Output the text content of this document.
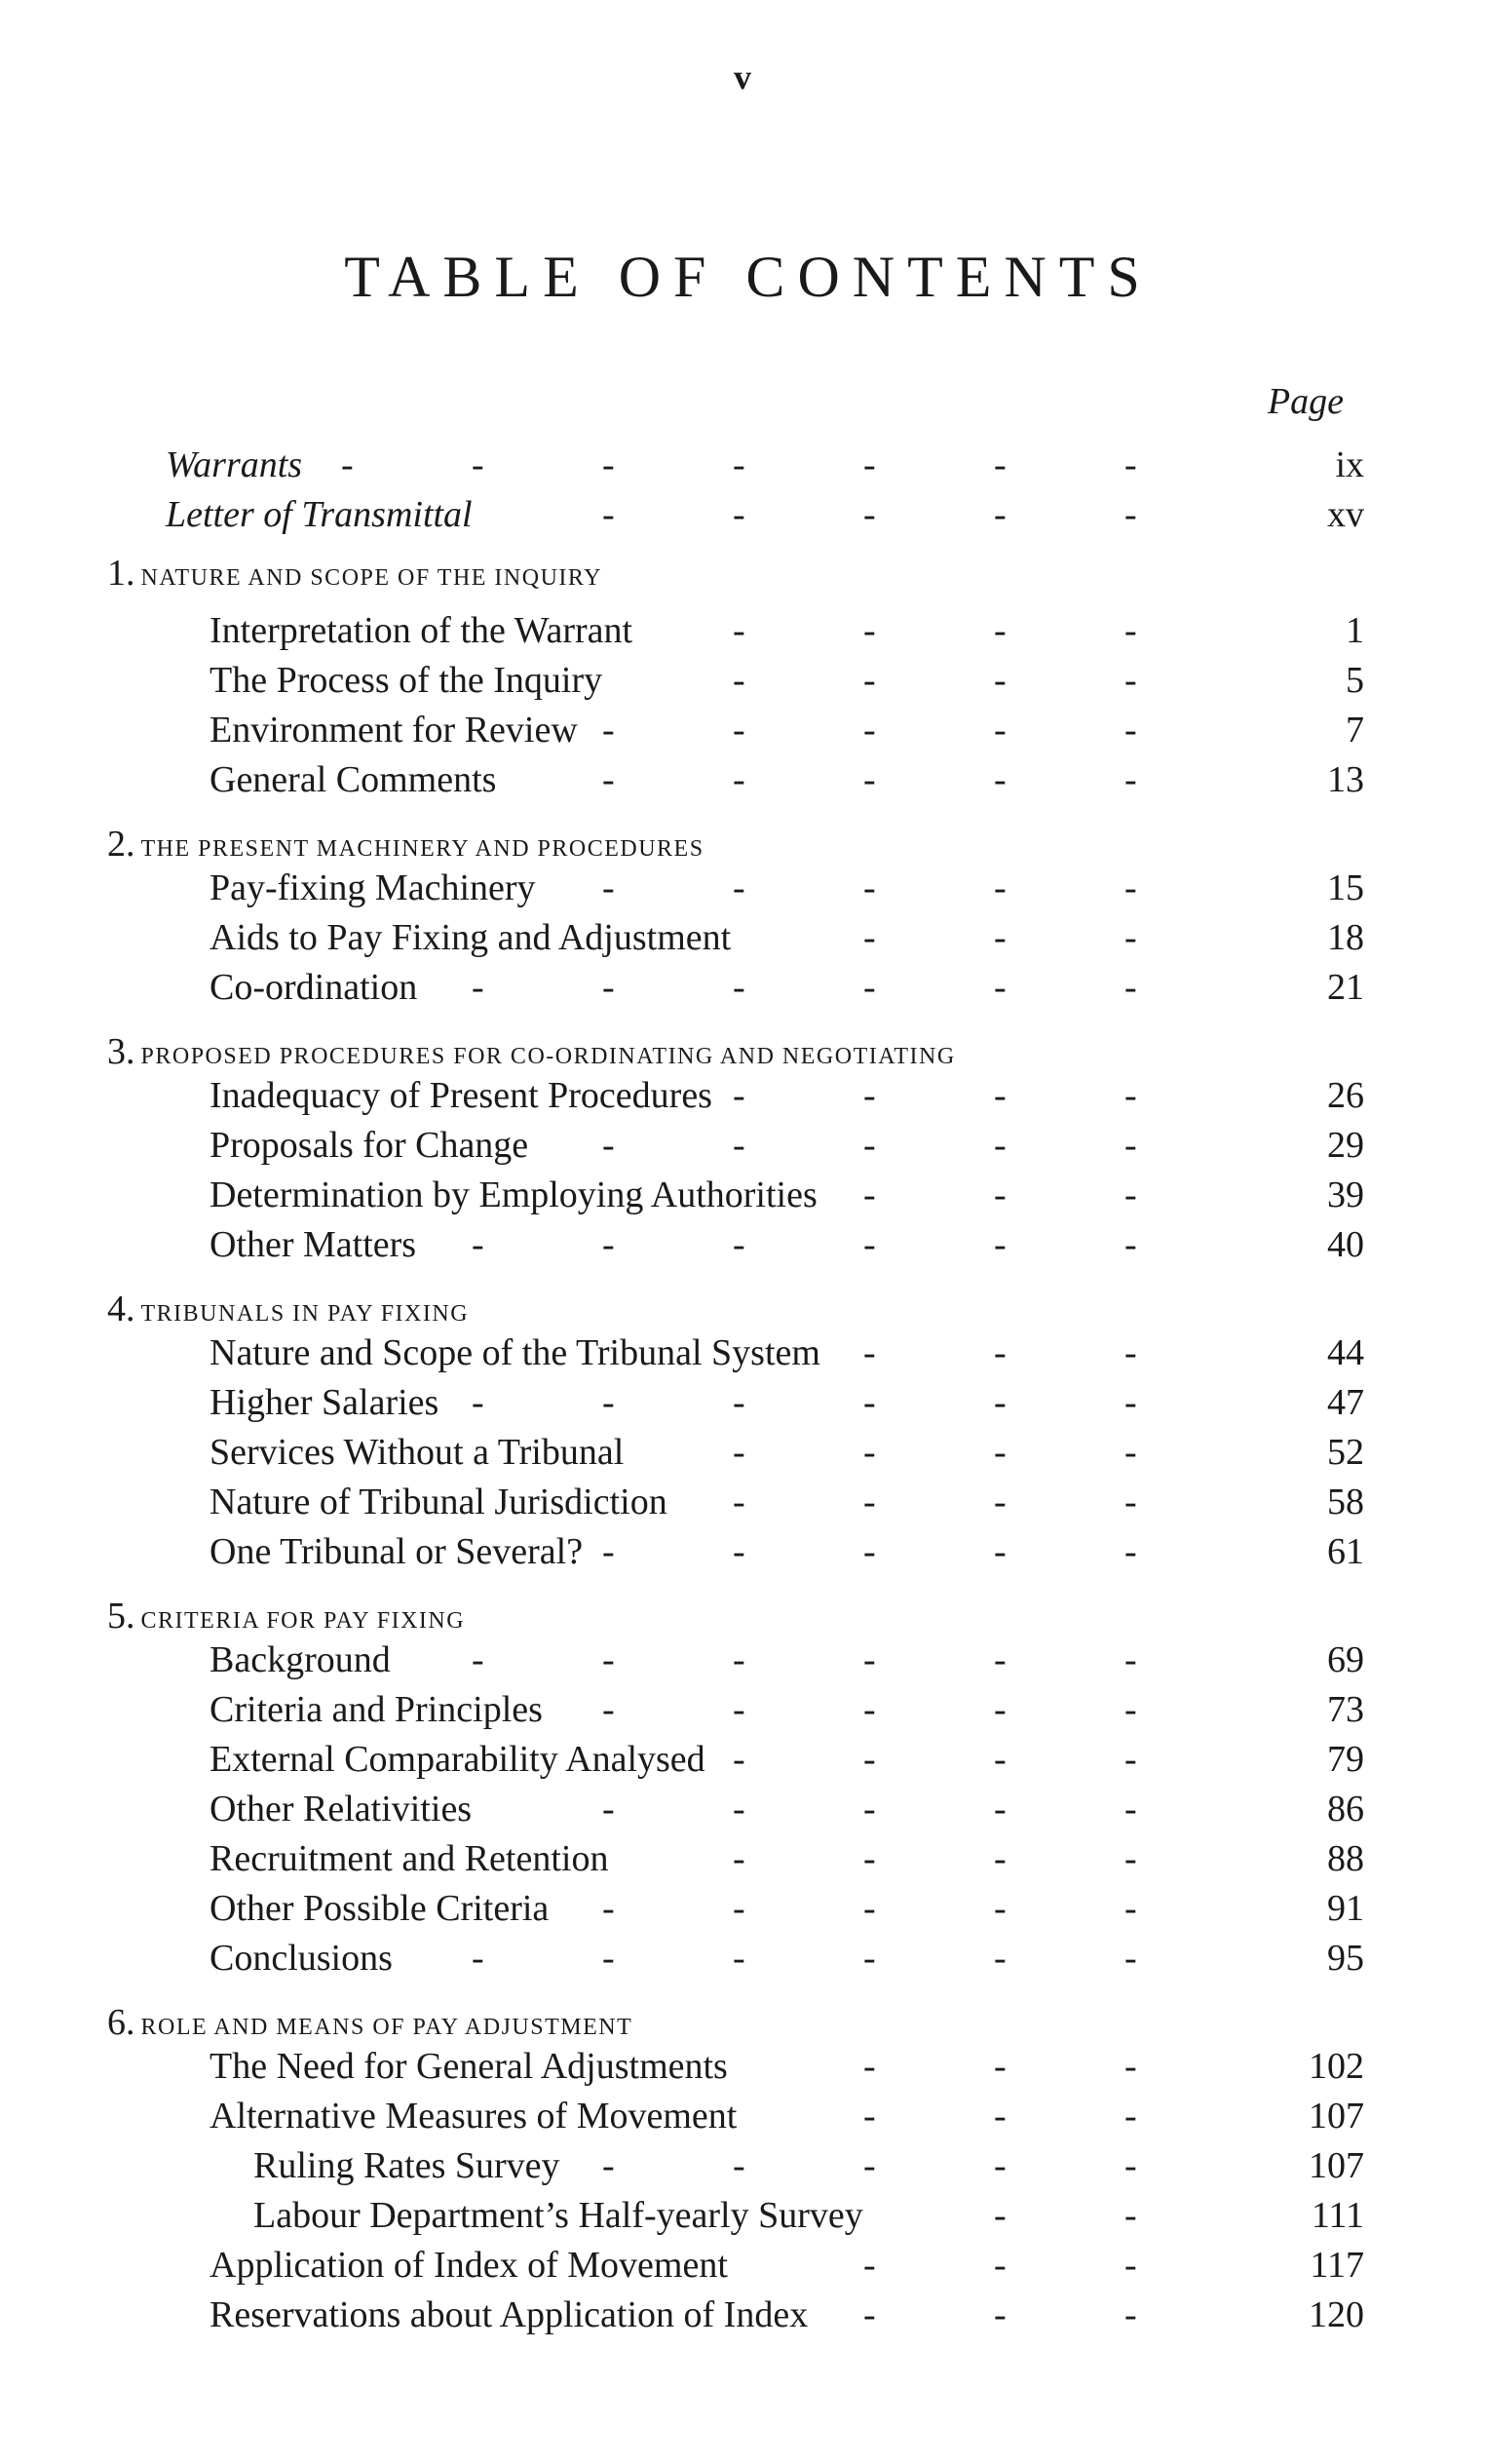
v
TABLE OF CONTENTS
Page
Warrants -	-	-	-	-	-	-	ix
Letter of Transmittal	-	-	-	-	-	xv
1. NATURE AND SCOPE OF THE INQUIRY
Interpretation of the Warrant	-	-	-	-	1
The Process of the Inquiry	-	-	-	-	5
Environment for Review -	-	-	-	-	7
General Comments	-	-	-	-	-	13
2. THE PRESENT MACHINERY AND PROCEDURES
Pay-fixing Machinery -	-	-	-	-	15
Aids to Pay Fixing and Adjustment	-	-	-	18
Co-ordination -	-	-	-	-	-	21
3. PROPOSED PROCEDURES FOR CO-ORDINATING AND NEGOTIATING
Inadequacy of Present Procedures -	-	-	-	26
Proposals for Change -	-	-	-	-	29
Determination by Employing Authorities -	-	-	39
Other Matters -	-	-	-	-	-	40
4. TRIBUNALS IN PAY FIXING
Nature and Scope of the Tribunal System -	-	-	44
Higher Salaries -	-	-	-	-	-	47
Services Without a Tribunal	-	-	-	-	52
Nature of Tribunal Jurisdiction -	-	-	-	58
One Tribunal or Several? -	-	-	-	-	61
5. CRITERIA FOR PAY FIXING
Background -	-	-	-	-	-	69
Criteria and Principles -	-	-	-	-	73
External Comparability Analysed -	-	-	-	79
Other Relativities	-	-	-	-	-	86
Recruitment and Retention	-	-	-	-	88
Other Possible Criteria -	-	-	-	-	91
Conclusions -	-	-	-	-	-	95
6. ROLE AND MEANS OF PAY ADJUSTMENT
The Need for General Adjustments	-	-	-	102
Alternative Measures of Movement	-	-	-	107
Ruling Rates Survey -	-	-	-	-	107
Labour Department’s Half-yearly Survey	-	-	111
Application of Index of Movement	-	-	-	117
Reservations about Application of Index -	-	-	120
